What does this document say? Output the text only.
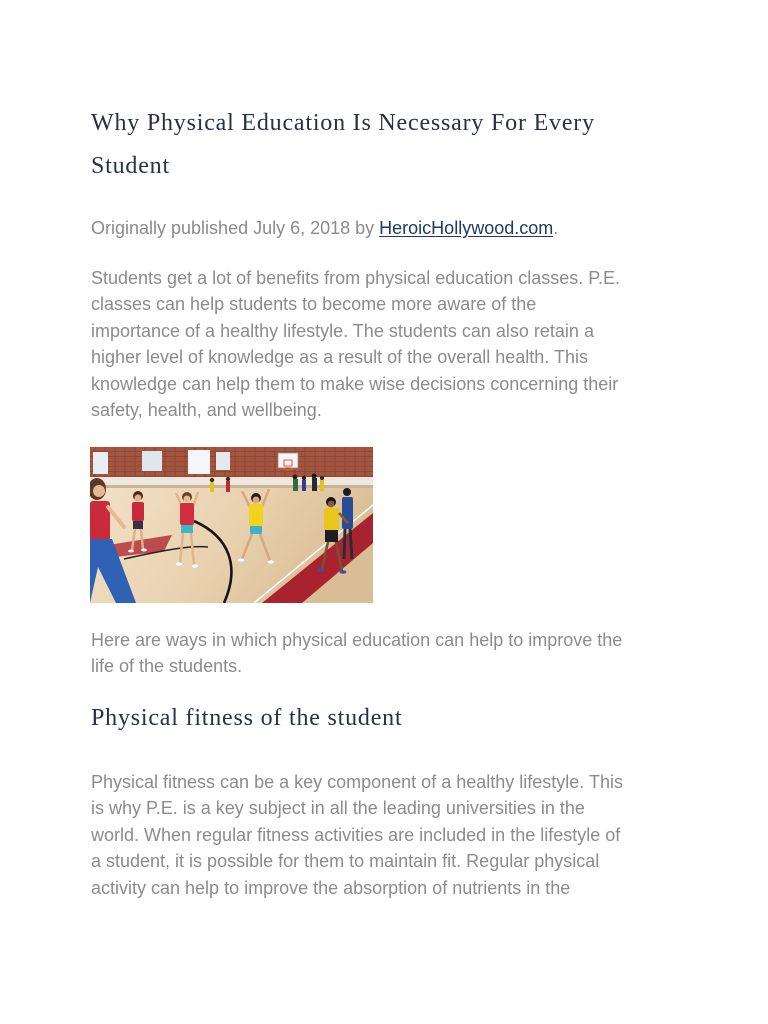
Why Physical Education Is Necessary For Every
Student
Originally published July 6, 2018 by HeroicHollywood.com.

Students get a lot of benefits from physical education classes. P.E.
classes can help students to become more aware of the
importance of a healthy lifestyle. The students can also retain a
higher level of knowledge as a result of the overall health. This
knowledge can help them to make wise decisions concerning their
safety, health, and wellbeing.

Here are ways in which physical education can help to improve the
life of the students.

Physical fitness of the student

Physical fitness can be a key component of a healthy lifestyle. This
is why P.E. is a key subject in all the leading universities in the
world. When regular fitness activities are included in the lifestyle of
a student, it is possible for them to maintain fit. Regular physical
activity can help to improve the absorption of nutrients in the
